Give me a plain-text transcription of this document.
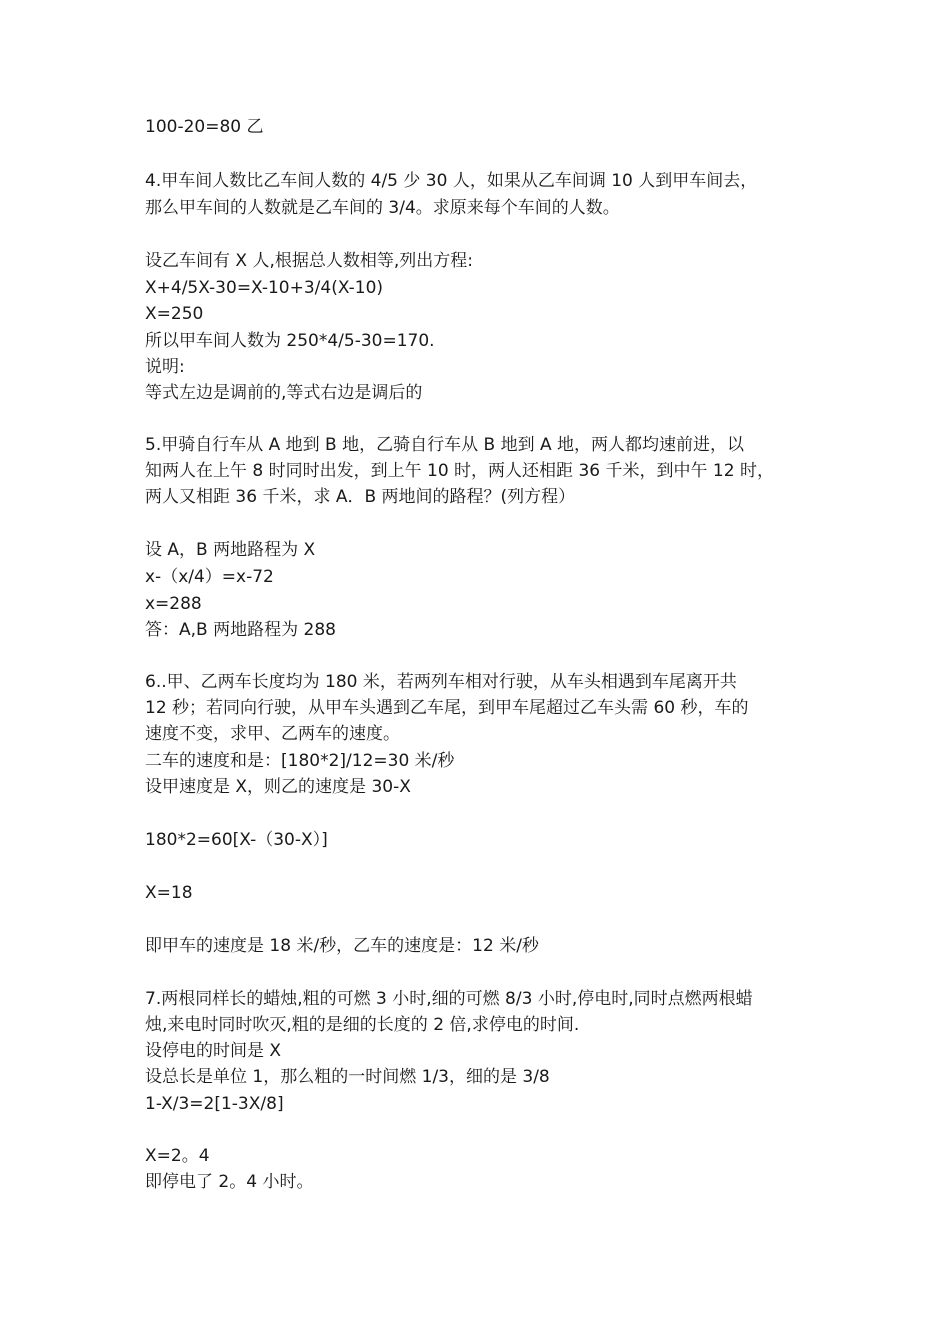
100-20=80 乙
4.甲车间人数比乙车间人数的 4/5 少 30 人，如果从乙车间调 10 人到甲车间去，
那么甲车间的人数就是乙车间的 3/4。求原来每个车间的人数。
设乙车间有 X 人,根据总人数相等,列出方程:
X+4/5X-30=X-10+3/4(X-10)
X=250
所以甲车间人数为 250*4/5-30=170.
说明:
等式左边是调前的,等式右边是调后的
5.甲骑自行车从 A 地到 B 地，乙骑自行车从 B 地到 A 地，两人都均速前进，以
知两人在上午 8 时同时出发，到上午 10 时，两人还相距 36 千米，到中午 12 时，
两人又相距 36 千米，求 A．B 两地间的路程？(列方程）
设 A，B 两地路程为 X
x-（x/4）=x-72
x=288
答：A,B 两地路程为 288
6..甲、乙两车长度均为 180 米，若两列车相对行驶，从车头相遇到车尾离开共
12 秒；若同向行驶，从甲车头遇到乙车尾，到甲车尾超过乙车头需 60 秒，车的
速度不变，求甲、乙两车的速度。
二车的速度和是：[180*2]/12=30 米/秒
设甲速度是 X，则乙的速度是 30-X
180*2=60[X-（30-X）]
X=18
即甲车的速度是 18 米/秒，乙车的速度是：12 米/秒
7.两根同样长的蜡烛,粗的可燃 3 小时,细的可燃 8/3 小时,停电时,同时点燃两根蜡
烛,来电时同时吹灭,粗的是细的长度的 2 倍,求停电的时间.
设停电的时间是 X
设总长是单位 1，那么粗的一时间燃 1/3，细的是 3/8
1-X/3=2[1-3X/8]
X=2。4
即停电了 2。4 小时。
